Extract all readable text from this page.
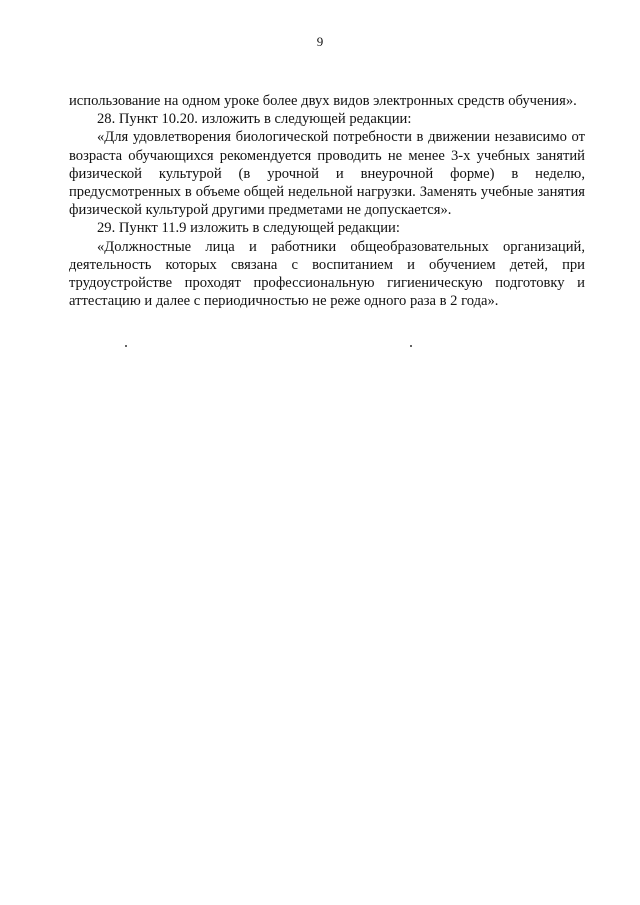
9

использование на одном уроке более двух видов электронных средств обучения».

28. Пункт 10.20. изложить в следующей редакции:

«Для удовлетворения биологической потребности в движении независимо от возраста обучающихся рекомендуется проводить не менее 3-х учебных занятий физической культурой (в урочной и внеурочной форме) в неделю, предусмотренных в объеме общей недельной нагрузки. Заменять учебные занятия физической культурой другими предметами не допускается».

29. Пункт 11.9 изложить в следующей редакции:

«Должностные лица и работники общеобразовательных организаций, деятельность которых связана с воспитанием и обучением детей, при трудоустройстве проходят профессиональную гигиеническую подготовку и аттестацию и далее с периодичностью не реже одного раза в 2 года».
